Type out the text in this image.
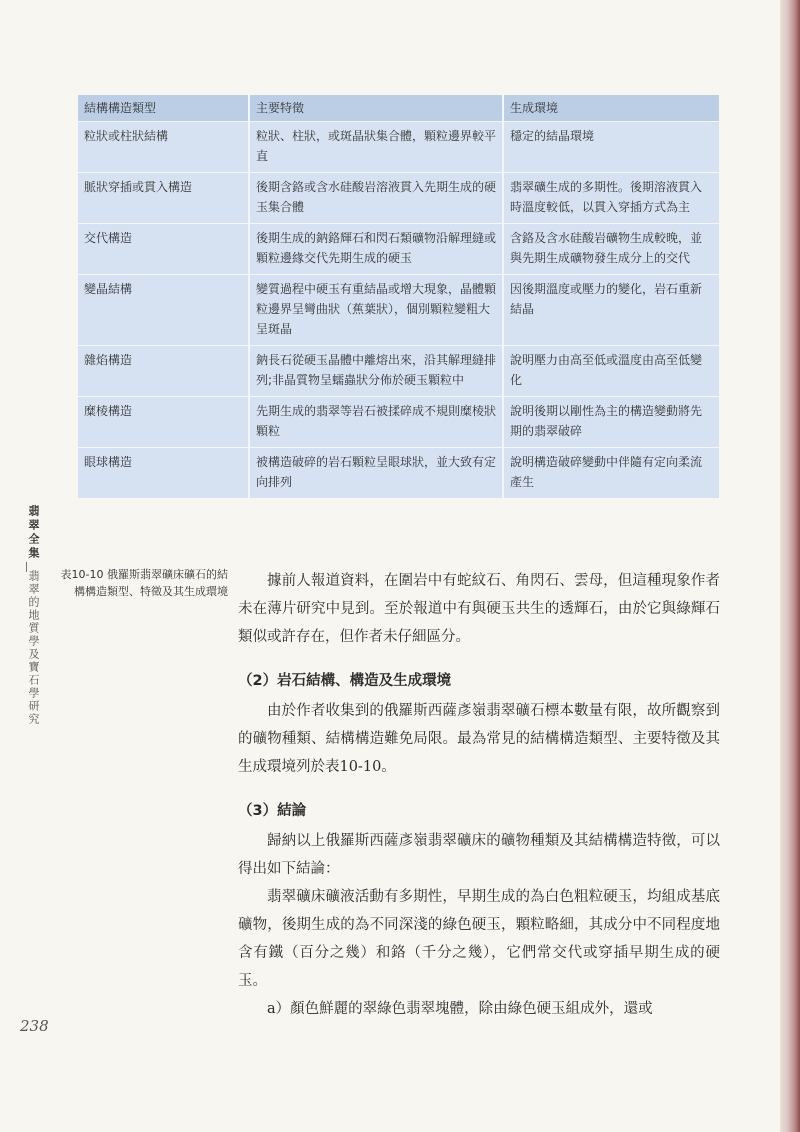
結構構造類型	主要特徵	生成環境
粒狀或柱狀結構	粒狀、柱狀，或斑晶狀集合體，顆粒邊界較平直	穩定的結晶環境
脈狀穿插或貫入構造	後期含鉻或含水硅酸岩溶液貫入先期生成的硬玉集合體	翡翠礦生成的多期性。後期溶液貫入時溫度較低，以貫入穿插方式為主
交代構造	後期生成的鈉鉻輝石和閃石類礦物沿解理縫或顆粒邊緣交代先期生成的硬玉	含鉻及含水硅酸岩礦物生成較晚，並與先期生成礦物發生成分上的交代
變晶結構	變質過程中硬玉有重結晶或增大現象，晶體顆粒邊界呈彎曲狀（蕉葉狀），個別顆粒變粗大呈斑晶	因後期溫度或壓力的變化，岩石重新結晶
雜焰構造	鈉長石從硬玉晶體中離熔出來，沿其解理縫排列;非晶質物呈蠕蟲狀分佈於硬玉顆粒中	說明壓力由高至低或溫度由高至低變化
糜棱構造	先期生成的翡翠等岩石被揉碎成不規則糜棱狀顆粒	說明後期以剛性為主的構造變動將先期的翡翠破碎
眼球構造	被構造破碎的岩石顆粒呈眼球狀，並大致有定向排列	說明構造破碎變動中伴隨有定向柔流產生
翡翠全集
翡翠的地質學及寶石學研究 表10-10 俄羅斯翡翠礦床礦石的結構構造類型、特徵及其生成環境

據前人報道資料，在圍岩中有蛇紋石、角閃石、雲母，但這種現象作者未在薄片研究中見到。至於報道中有與硬玉共生的透輝石，由於它與綠輝石類似或許存在，但作者未仔細區分。

（2）岩石結構、構造及生成環境

由於作者收集到的俄羅斯西薩彥嶺翡翠礦石標本數量有限，故所觀察到的礦物種類、結構構造難免局限。最為常見的結構構造類型、主要特徵及其生成環境列於表10-10。

（3）結論

歸納以上俄羅斯西薩彥嶺翡翠礦床的礦物種類及其結構構造特徵，可以得出如下結論：

翡翠礦床礦液活動有多期性，早期生成的為白色粗粒硬玉，均組成基底礦物，後期生成的為不同深淺的綠色硬玉，顆粒略細，其成分中不同程度地含有鐵（百分之幾）和鉻（千分之幾），它們常交代或穿插早期生成的硬玉。

a）顏色鮮麗的翠綠色翡翠塊體，除由綠色硬玉組成外，還或

238
